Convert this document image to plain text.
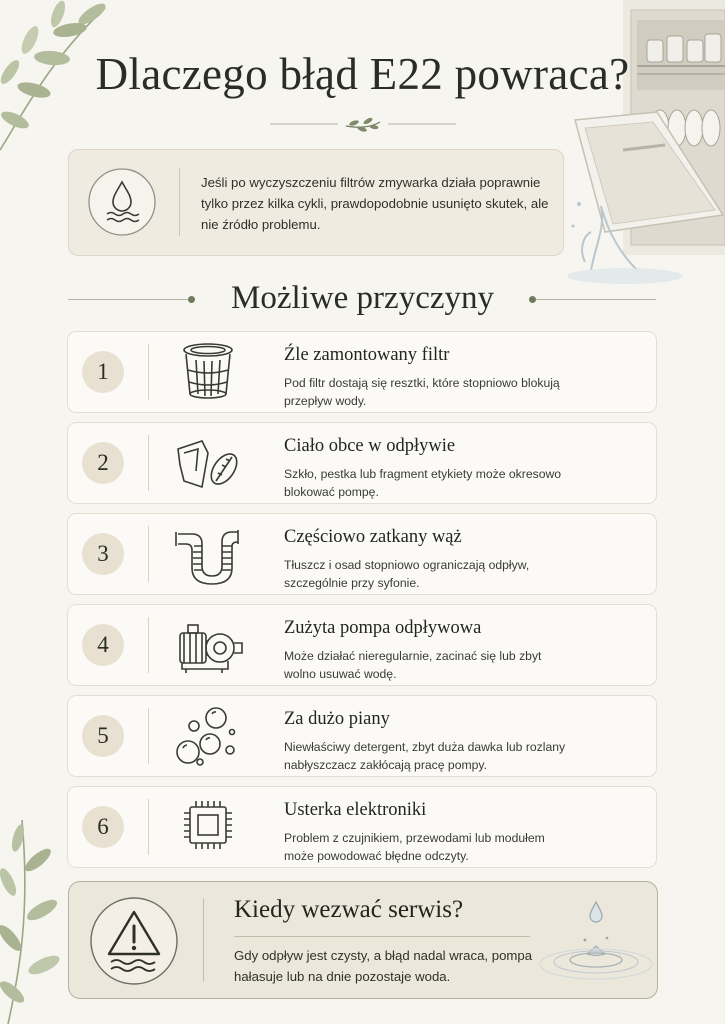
Dlaczego błąd E22 powraca?
Jeśli po wyczyszczeniu filtrów zmywarka działa poprawnie tylko przez kilka cykli, prawdopodobnie usunięto skutek, ale nie źródło problemu.
Możliwe przyczyny
1
Źle zamontowany filtr
Pod filtr dostają się resztki, które stopniowo blokują przepływ wody.
2
Ciało obce w odpływie
Szkło, pestka lub fragment etykiety może okresowo blokować pompę.
3
Częściowo zatkany wąż
Tłuszcz i osad stopniowo ograniczają odpływ, szczególnie przy syfonie.
4
Zużyta pompa odpływowa
Może działać nieregularnie, zacinać się lub zbyt wolno usuwać wodę.
5
Za dużo piany
Niewłaściwy detergent, zbyt duża dawka lub rozlany nabłyszczacz zakłócają pracę pompy.
6
Usterka elektroniki
Problem z czujnikiem, przewodami lub modułem może powodować błędne odczyty.
Kiedy wezwać serwis?
Gdy odpływ jest czysty, a błąd nadal wraca, pompa hałasuje lub na dnie pozostaje woda.
